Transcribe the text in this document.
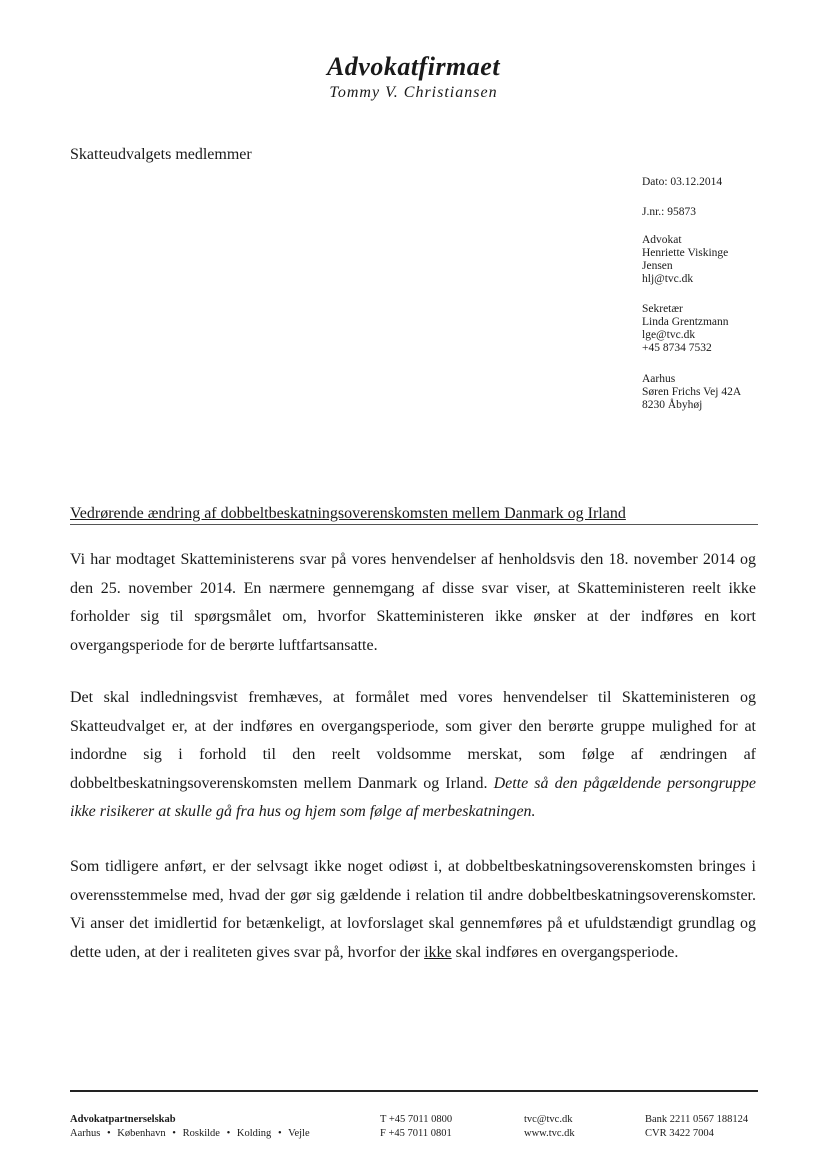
Advokatfirmaet
Tommy V. Christiansen
Skatteudvalgets medlemmer
Dato: 03.12.2014
J.nr.: 95873
Advokat
Henriette Viskinge
Jensen
hlj@tvc.dk
Sekretær
Linda Grentzmann
lge@tvc.dk
+45 8734 7532
Aarhus
Søren Frichs Vej 42A
8230 Åbyhøj
Vedrørende ændring af dobbeltbeskatningsoverenskomsten mellem Danmark og Irland
Vi har modtaget Skatteministerens svar på vores henvendelser af henholdsvis den 18. november 2014 og den 25. november 2014. En nærmere gennemgang af disse svar viser, at Skatteministeren reelt ikke forholder sig til spørgsmålet om, hvorfor Skatteministeren ikke ønsker at der indføres en kort overgangsperiode for de berørte luftfartsansatte.
Det skal indledningsvist fremhæves, at formålet med vores henvendelser til Skatteministeren og Skatteudvalget er, at der indføres en overgangsperiode, som giver den berørte gruppe mulighed for at indordne sig i forhold til den reelt voldsomme merskat, som følge af ændringen af dobbeltbeskatningsoverenskomsten mellem Danmark og Irland. Dette så den pågældende persongruppe ikke risikerer at skulle gå fra hus og hjem som følge af merbeskatningen.
Som tidligere anført, er der selvsagt ikke noget odiøst i, at dobbeltbeskatningsoverenskomsten bringes i overensstemmelse med, hvad der gør sig gældende i relation til andre dobbeltbeskatningsoverenskomster. Vi anser det imidlertid for betænkeligt, at lovforslaget skal gennemføres på et ufuldstændigt grundlag og dette uden, at der i realiteten gives svar på, hvorfor der ikke skal indføres en overgangsperiode.
Advokatpartnerselskab
Aarhus • København • Roskilde • Kolding • Vejle
T +45 7011 0800
F +45 7011 0801
tvc@tvc.dk
www.tvc.dk
Bank 2211 0567 188124
CVR 3422 7004
